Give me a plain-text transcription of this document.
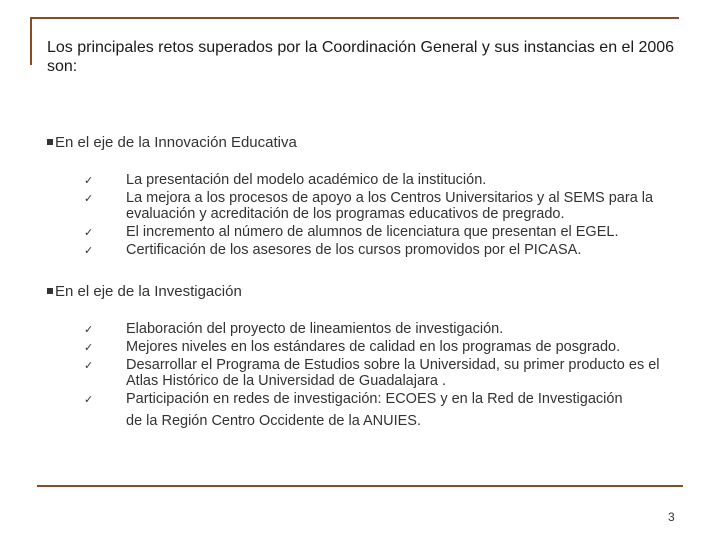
Los principales retos superados por la Coordinación General y sus instancias en el 2006 son:
En el eje de la Innovación Educativa
✓ La presentación del modelo académico de la institución.
✓ La mejora a los procesos de apoyo a los Centros Universitarios y al SEMS para la evaluación y acreditación de los programas educativos de pregrado.
✓ El incremento al número de alumnos de licenciatura que presentan el EGEL.
✓ Certificación de los asesores de los cursos promovidos por el PICASA.
En el eje de la Investigación
✓ Elaboración del proyecto de lineamientos de investigación.
✓ Mejores niveles en los estándares de calidad en los programas de posgrado.
✓ Desarrollar el Programa de Estudios sobre la Universidad, su primer producto es el Atlas Histórico de la Universidad de Guadalajara .
✓ Participación en redes de investigación: ECOES y en la Red de Investigación
de la Región Centro Occidente de la ANUIES.
3
